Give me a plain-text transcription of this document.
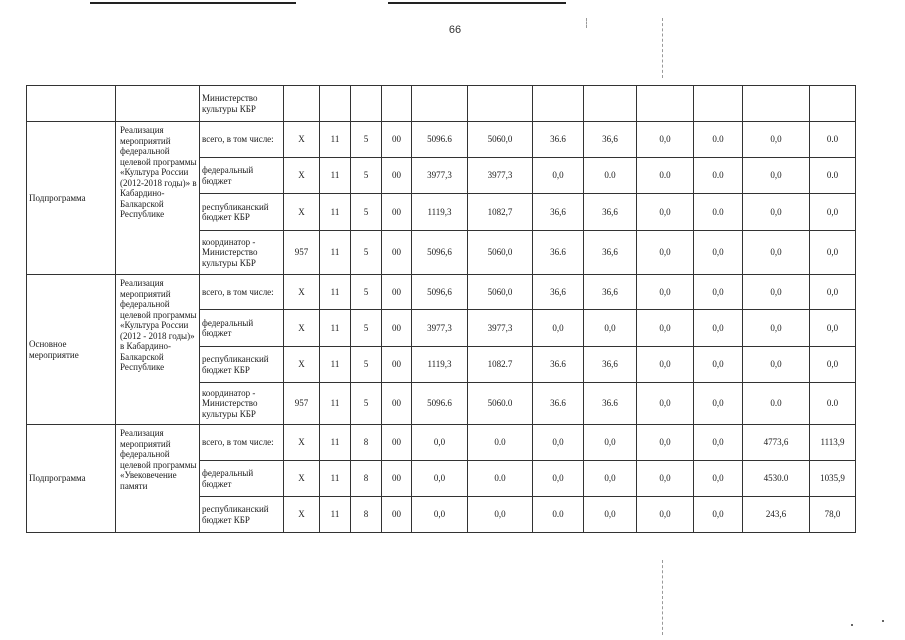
66
		Министерство культуры КБР												
Подпрограмма	Реализация мероприятий федеральной целевой программы «Культура России (2012-2018 годы)» в Кабардино-Балкарской Республике	всего, в том числе:	X	11	5	00	5096.6	5060,0	36.6	36,6	0,0	0.0	0,0	0.0
		федеральный бюджет	X	11	5	00	3977,3	3977,3	0,0	0.0	0.0	0.0	0,0	0.0
		республиканский бюджет КБР	X	11	5	00	1119,3	1082,7	36,6	36,6	0,0	0.0	0,0	0,0
		координатор - Министерство культуры КБР	957	11	5	00	5096,6	5060,0	36.6	36,6	0,0	0,0	0,0	0,0
Основное мероприятие	Реализация мероприятий федеральной целевой программы «Культура России (2012 - 2018 годы)» в Кабардино-Балкарской Республике	всего, в том числе:	X	11	5	00	5096,6	5060,0	36,6	36,6	0,0	0,0	0,0	0,0
		федеральный бюджет	X	11	5	00	3977,3	3977,3	0,0	0,0	0,0	0,0	0,0	0,0
		республиканский бюджет КБР	X	11	5	00	1119,3	1082.7	36.6	36,6	0,0	0,0	0,0	0,0
		координатор - Министерство культуры КБР	957	11	5	00	5096.6	5060.0	36.6	36.6	0,0	0,0	0.0	0.0
Подпрограмма	Реализация мероприятий федеральной целевой программы «Увековечение памяти	всего, в том числе:	X	11	8	00	0,0	0.0	0,0	0,0	0,0	0,0	4773,6	1113,9
		федеральный бюджет	X	11	8	00	0,0	0.0	0,0	0,0	0,0	0,0	4530.0	1035,9
		республиканский бюджет КБР	X	11	8	00	0,0	0,0	0.0	0,0	0,0	0,0	243,6	78,0
